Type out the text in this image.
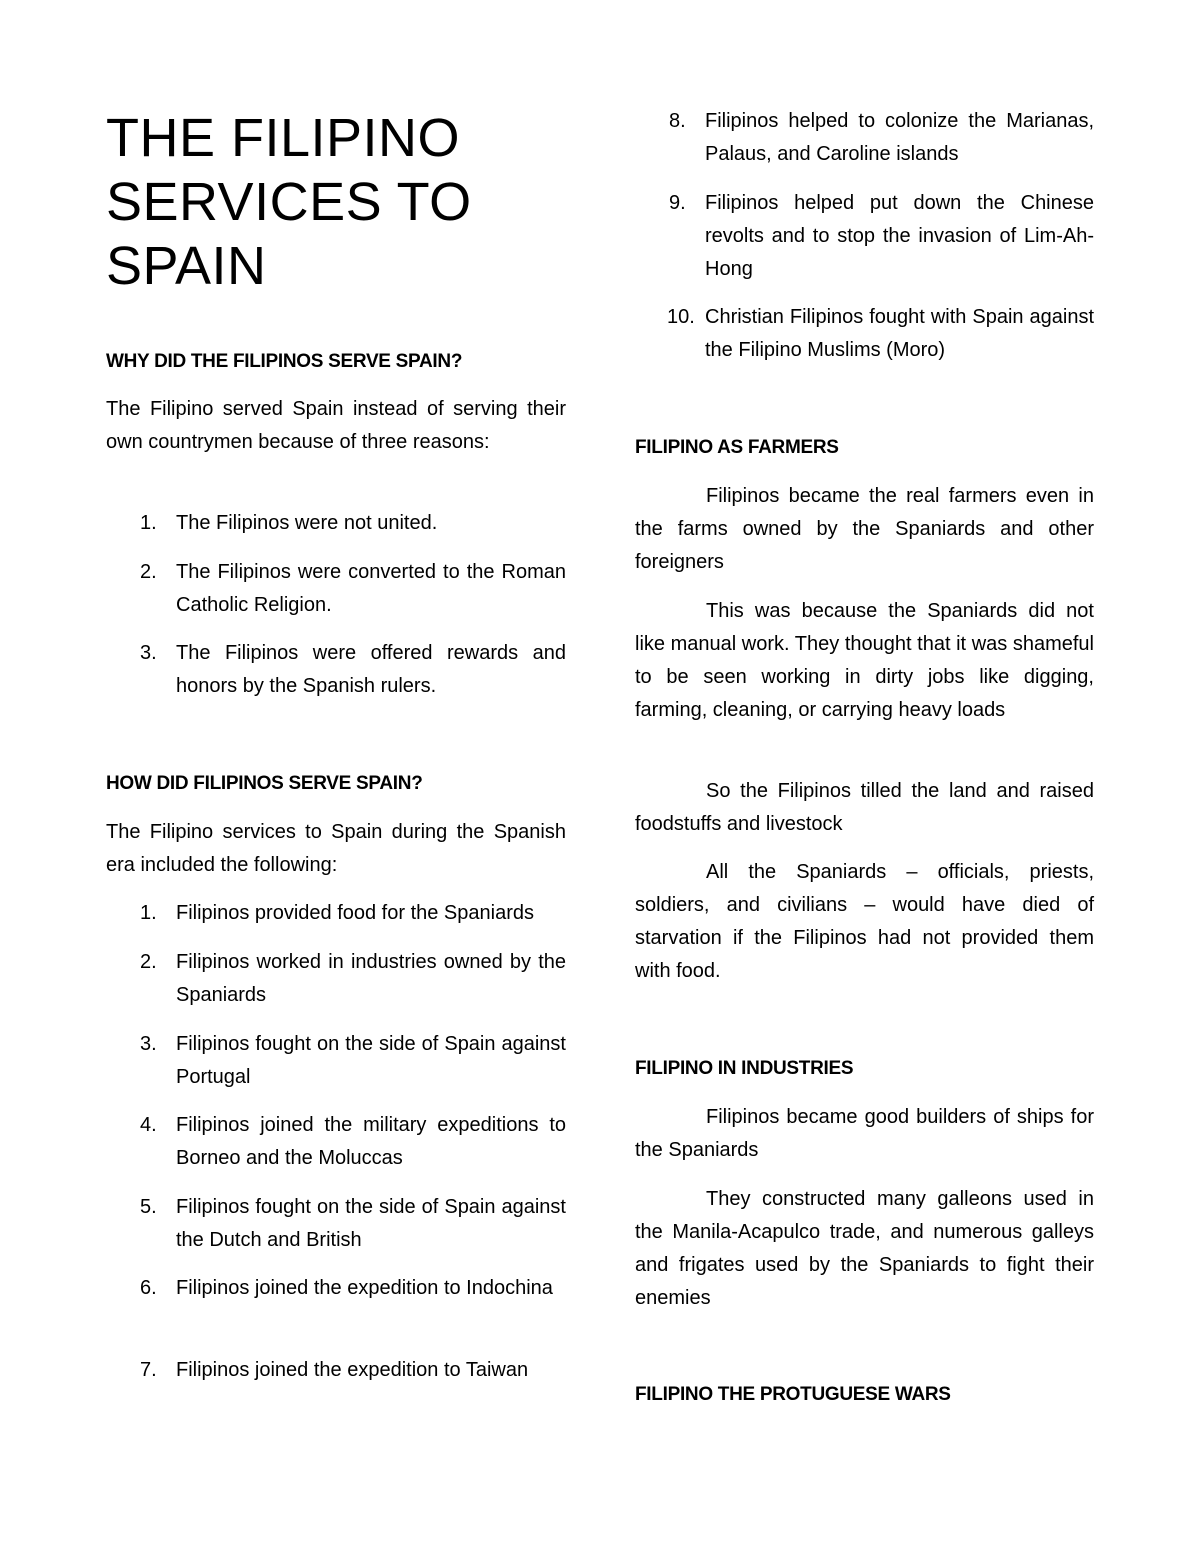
THE FILIPINO
SERVICES TO
SPAIN
WHY DID THE FILIPINOS SERVE SPAIN?
The Filipino served Spain instead of serving their own countrymen because of three reasons:
1. The Filipinos were not united.
2. The Filipinos were converted to the Roman Catholic Religion.
3. The Filipinos were offered rewards and honors by the Spanish rulers.
HOW DID FILIPINOS SERVE SPAIN?
The Filipino services to Spain during the Spanish era included the following:
1. Filipinos provided food for the Spaniards
2. Filipinos worked in industries owned by the Spaniards
3. Filipinos fought on the side of Spain against Portugal
4. Filipinos joined the military expeditions to Borneo and the Moluccas
5. Filipinos fought on the side of Spain against the Dutch and British
6. Filipinos joined the expedition to Indochina
7. Filipinos joined the expedition to Taiwan
8. Filipinos helped to colonize the Marianas, Palaus, and Caroline islands
9. Filipinos helped put down the Chinese revolts and to stop the invasion of Lim-Ah-Hong
10. Christian Filipinos fought with Spain against the Filipino Muslims (Moro)
FILIPINO AS FARMERS
Filipinos became the real farmers even in the farms owned by the Spaniards and other foreigners
This was because the Spaniards did not like manual work. They thought that it was shameful to be seen working in dirty jobs like digging, farming, cleaning, or carrying heavy loads
So the Filipinos tilled the land and raised foodstuffs and livestock
All the Spaniards – officials, priests, soldiers, and civilians – would have died of starvation if the Filipinos had not provided them with food.
FILIPINO IN INDUSTRIES
Filipinos became good builders of ships for the Spaniards
They constructed many galleons used in the Manila-Acapulco trade, and numerous galleys and frigates used by the Spaniards to fight their enemies
FILIPINO THE PROTUGUESE WARS
